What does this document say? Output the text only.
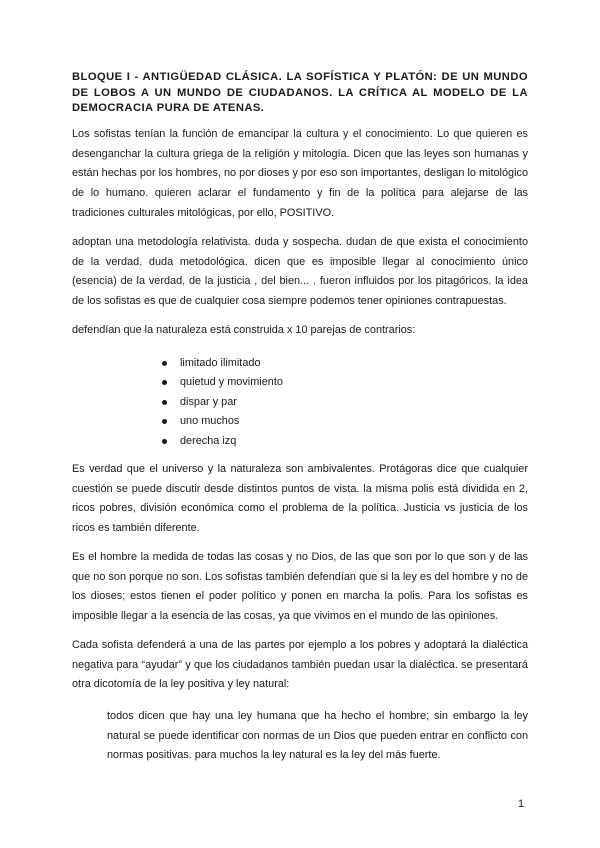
BLOQUE I - ANTIGÜEDAD CLÁSICA. LA SOFÍSTICA Y PLATÓN: DE UN MUNDO DE LOBOS A UN MUNDO DE CIUDADANOS. LA CRÍTICA AL MODELO DE LA DEMOCRACIA PURA DE ATENAS.

Los sofistas tenían la función de emancipar la cultura y el conocimiento. Lo que quieren es desenganchar la cultura griega de la religión y mitología. Dicen que las leyes son humanas y están hechas por los hombres, no por dioses y por eso son importantes, desligan lo mitológico de lo humano. quieren aclarar el fundamento y fin de la política para alejarse de las tradiciones culturales mitológicas, por ello, POSITIVO.

adoptan una metodología relativista. duda y sospecha. dudan de que exista el conocimiento de la verdad. duda metodológica. dicen que es imposible llegar al conocimiento único (esencia) de la verdad, de la justicia , del bien... . fueron influidos por los pitagóricos. la idea de los sofistas es que de cualquier cosa siempre podemos tener opiniones contrapuestas.

defendían que la naturaleza está construida x 10 parejas de contrarios:

limitado ilimitado
quietud y movimiento
dispar y par
uno muchos
derecha izq

Es verdad que el universo y la naturaleza son ambivalentes. Protágoras dice que cualquier cuestión se puede discutir desde distintos puntos de vista. la misma polis está dividida en 2, ricos pobres, división económica como el problema de la política. Justicia vs justicia de los ricos es también diferente.

Es el hombre la medida de todas las cosas y no Dios, de las que son por lo que son y de las que no son porque no son. Los sofistas también defendían que si la ley es del hombre y no de los dioses; estos tienen el poder político y ponen en marcha la polis. Para los sofistas es imposible llegar a la esencia de las cosas, ya que vivimos en el mundo de las opiniones.

Cada sofista defenderá a una de las partes por ejemplo a los pobres y adoptará la dialéctica negativa para “ayudar” y que los ciudadanos también puedan usar la dialéctica. se presentará otra dicotomía de la ley positiva y ley natural:

todos dicen que hay una ley humana que ha hecho el hombre; sin embargo la ley natural se puede identificar con normas de un Dios que pueden entrar en conflicto con normas positivas. para muchos la ley natural es la ley del más fuerte.

1
